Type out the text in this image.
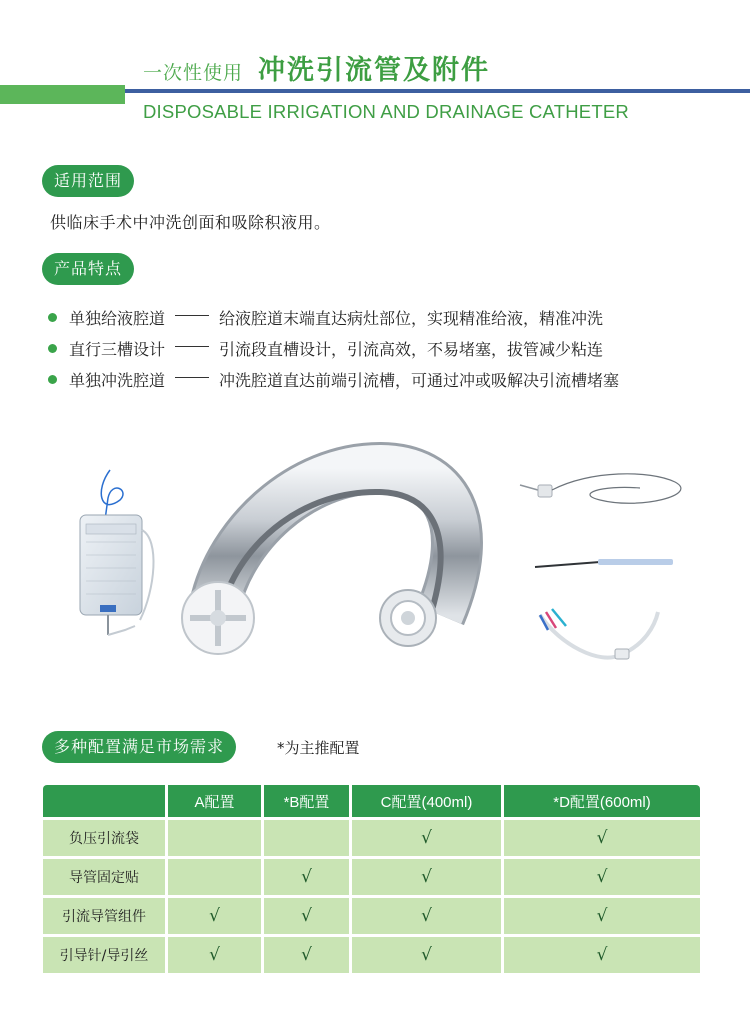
一次性使用 冲洗引流管及附件
DISPOSABLE IRRIGATION AND DRAINAGE CATHETER
适用范围
供临床手术中冲洗创面和吸除积液用。
产品特点
单独给液腔道	给液腔道末端直达病灶部位，实现精准给液，精准冲洗
直行三槽设计	引流段直槽设计，引流高效，不易堵塞，拔管减少粘连
单独冲洗腔道	冲洗腔道直达前端引流槽，可通过冲或吸解决引流槽堵塞
多种配置满足市场需求	*为主推配置
	A配置	*B配置	C配置(400ml)	*D配置(600ml)
负压引流袋			√	√
导管固定贴		√	√	√
引流导管组件	√	√	√	√
引导针/导引丝	√	√	√	√
